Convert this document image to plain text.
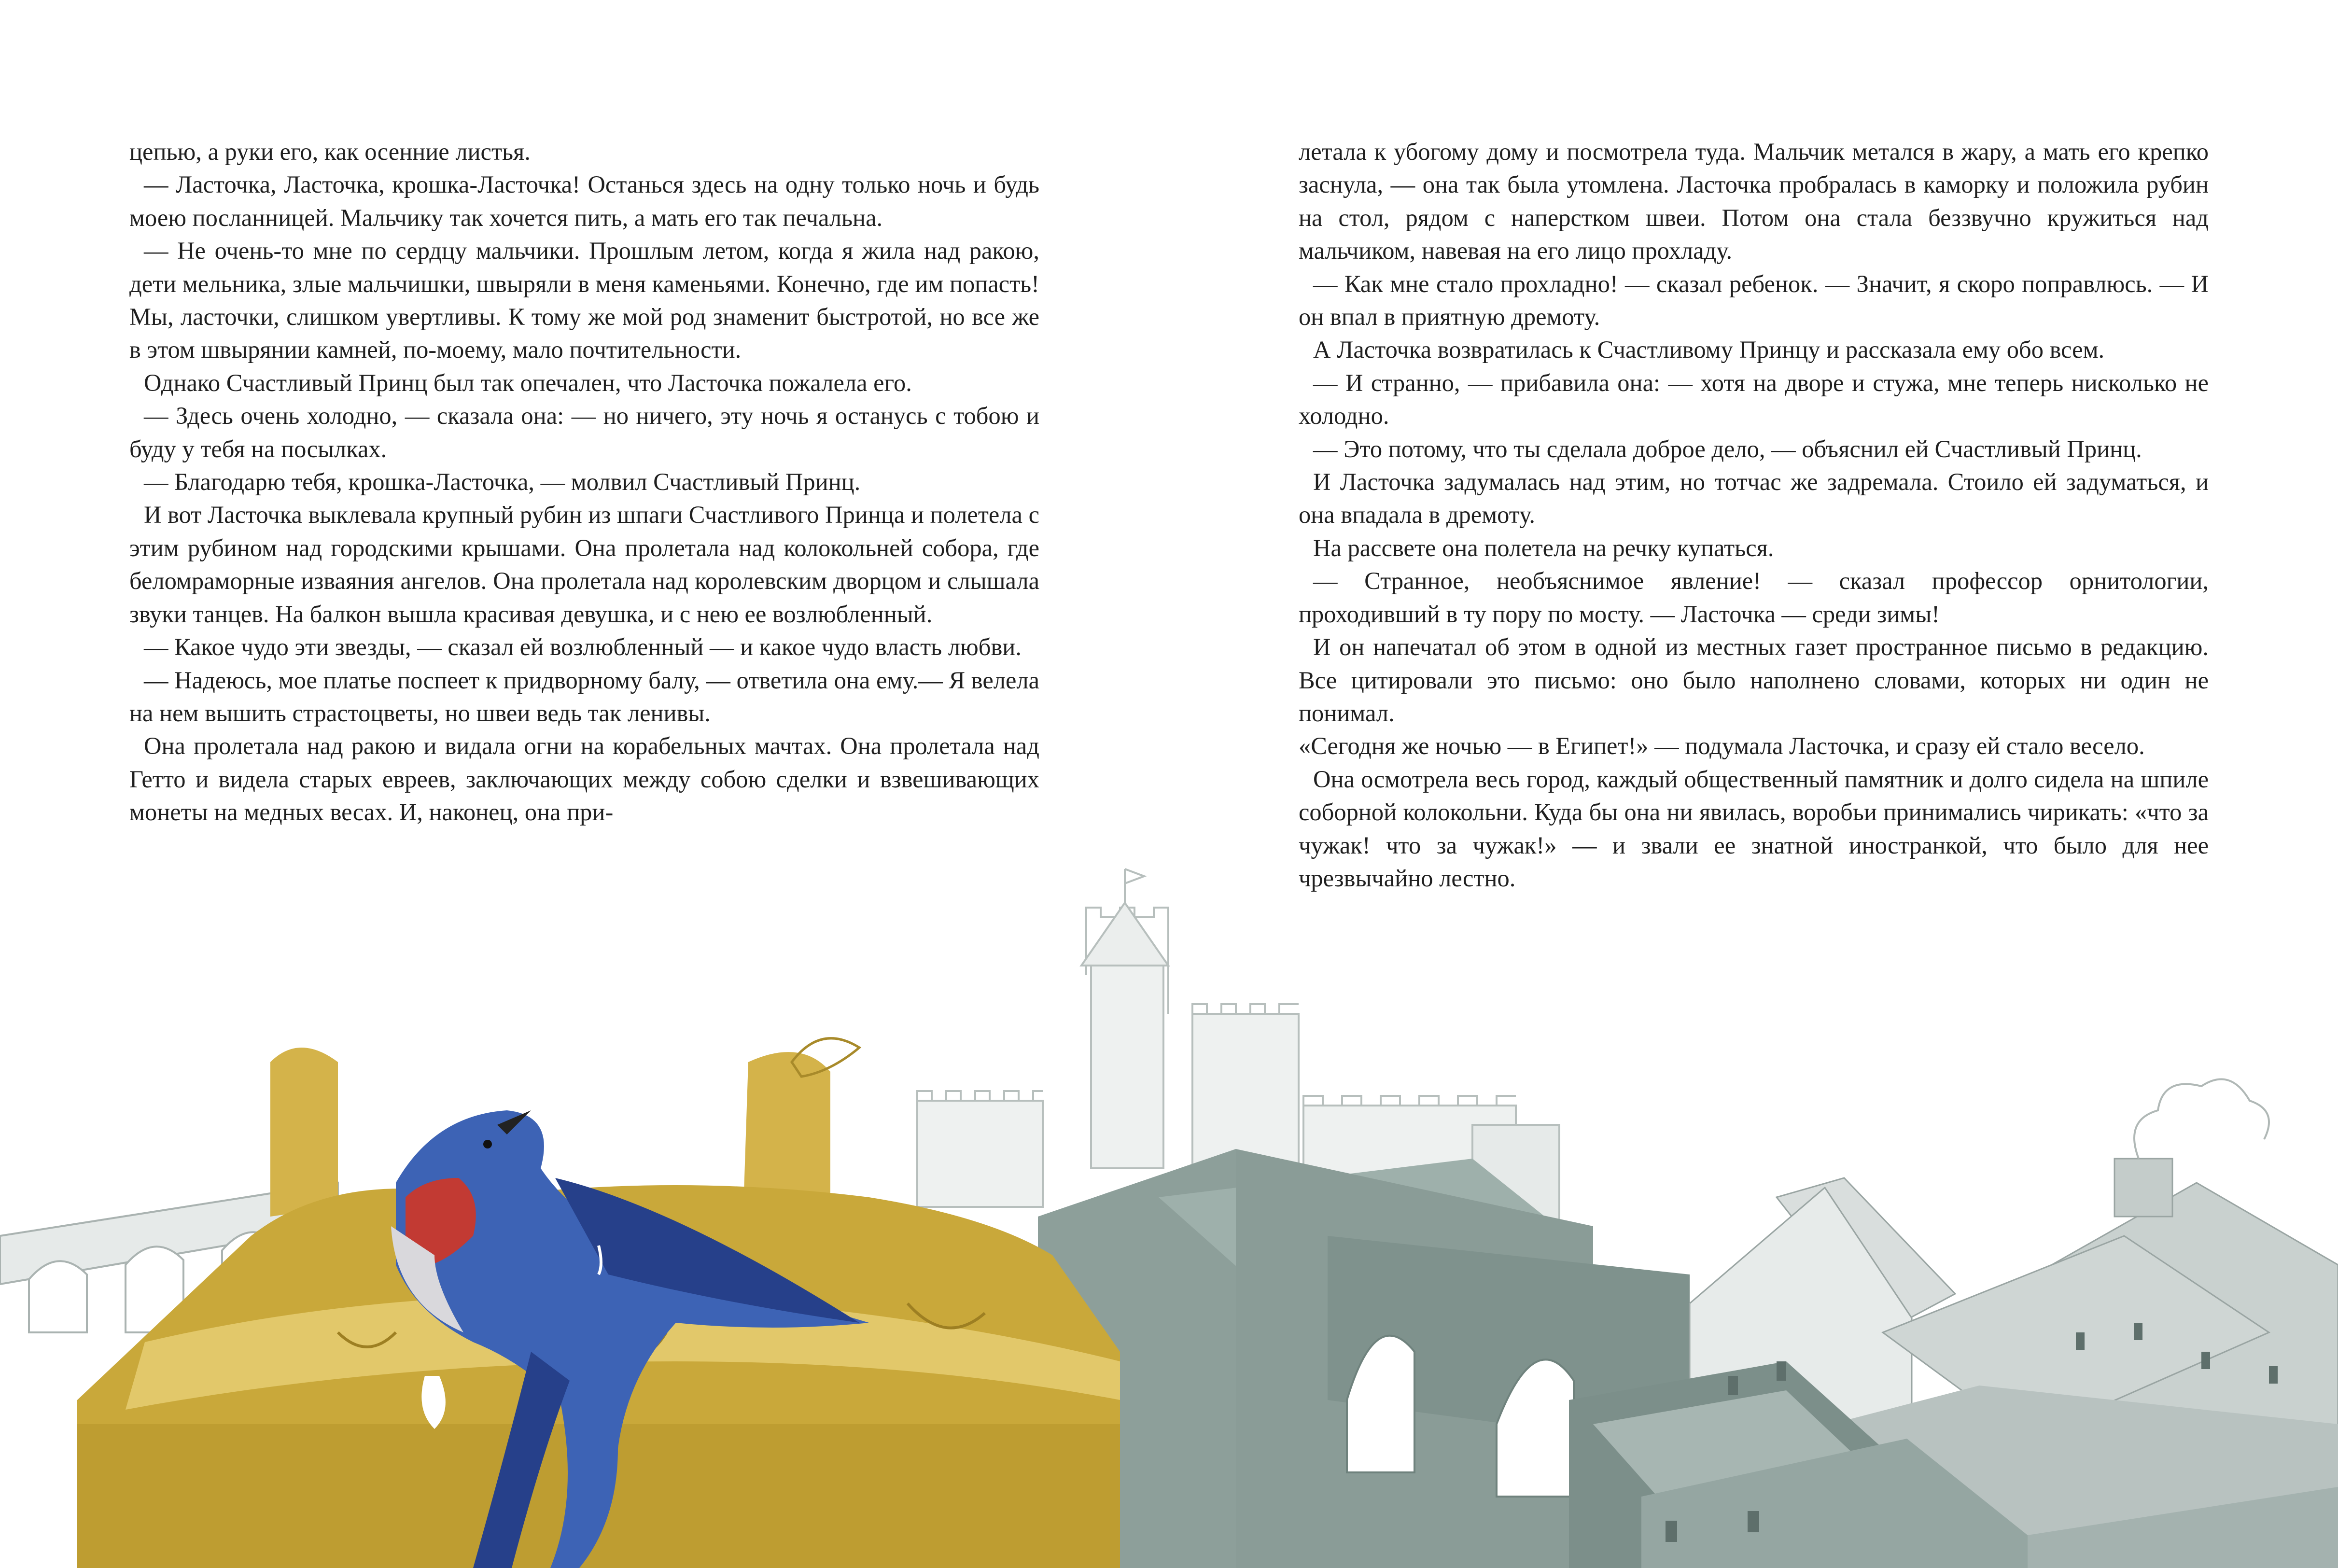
цепью, а руки его, как осенние листья.

— Ласточка, Ласточка, крошка-Ласточка! Останься здесь на одну только ночь и будь моею посланницей. Мальчику так хочется пить, а мать его так печальна.

— Не очень-то мне по сердцу мальчики. Прошлым летом, когда я жила над ракою, дети мельника, злые мальчишки, швыряли в меня каменьями. Конечно, где им попасть! Мы, ласточки, слишком увертливы. К тому же мой род знаменит быстротой, но все же в этом швырянии камней, по-моему, мало почтительности.

Однако Счастливый Принц был так опечален, что Ласточка пожалела его.

— Здесь очень холодно, — сказала она: — но ничего, эту ночь я останусь с тобою и буду у тебя на посылках.

— Благодарю тебя, крошка-Ласточка, — молвил Счастливый Принц.

И вот Ласточка выклевала крупный рубин из шпаги Счастливого Принца и полетела с этим рубином над городскими крышами. Она пролетала над колокольней собора, где беломраморные изваяния ангелов. Она пролетала над королевским дворцом и слышала звуки танцев. На балкон вышла красивая девушка, и с нею ее возлюбленный.

— Какое чудо эти звезды, — сказал ей возлюбленный — и какое чудо власть любви.

— Надеюсь, мое платье поспеет к придворному балу, — ответила она ему.— Я велела на нем вышить страстоцветы, но швеи ведь так ленивы.

Она пролетала над ракою и видала огни на корабельных мачтах. Она пролетала над Гетто и видела старых евреев, заключающих между собою сделки и взвешивающих монеты на медных весах. И, наконец, она при-

летала к убогому дому и посмотрела туда. Мальчик метался в жару, а мать его крепко заснула, — она так была утомлена. Ласточка пробралась в каморку и положила рубин на стол, рядом с наперстком швеи. Потом она стала беззвучно кружиться над мальчиком, навевая на его лицо прохладу.

— Как мне стало прохладно! — сказал ребенок. — Значит, я скоро поправлюсь. — И он впал в приятную дремоту.

А Ласточка возвратилась к Счастливому Принцу и рассказала ему обо всем.

— И странно, — прибавила она: — хотя на дворе и стужа, мне теперь нисколько не холодно.

— Это потому, что ты сделала доброе дело, — объяснил ей Счастливый Принц.

И Ласточка задумалась над этим, но тотчас же задремала. Стоило ей задуматься, и она впадала в дремоту.

На рассвете она полетела на речку купаться.

— Странное, необъяснимое явление! — сказал профессор орнитологии, проходивший в ту пору по мосту. — Ласточка — среди зимы!

И он напечатал об этом в одной из местных газет пространное письмо в редакцию. Все цитировали это письмо: оно было наполнено словами, которых ни один не понимал.

«Сегодня же ночью — в Египет!» — подумала Ласточка, и сразу ей стало весело.

Она осмотрела весь город, каждый общественный памятник и долго сидела на шпиле соборной колокольни. Куда бы она ни явилась, воробьи принимались чирикать: «что за чужак! что за чужак!» — и звали ее знатной иностранкой, что было для нее чрезвычайно лестно.
